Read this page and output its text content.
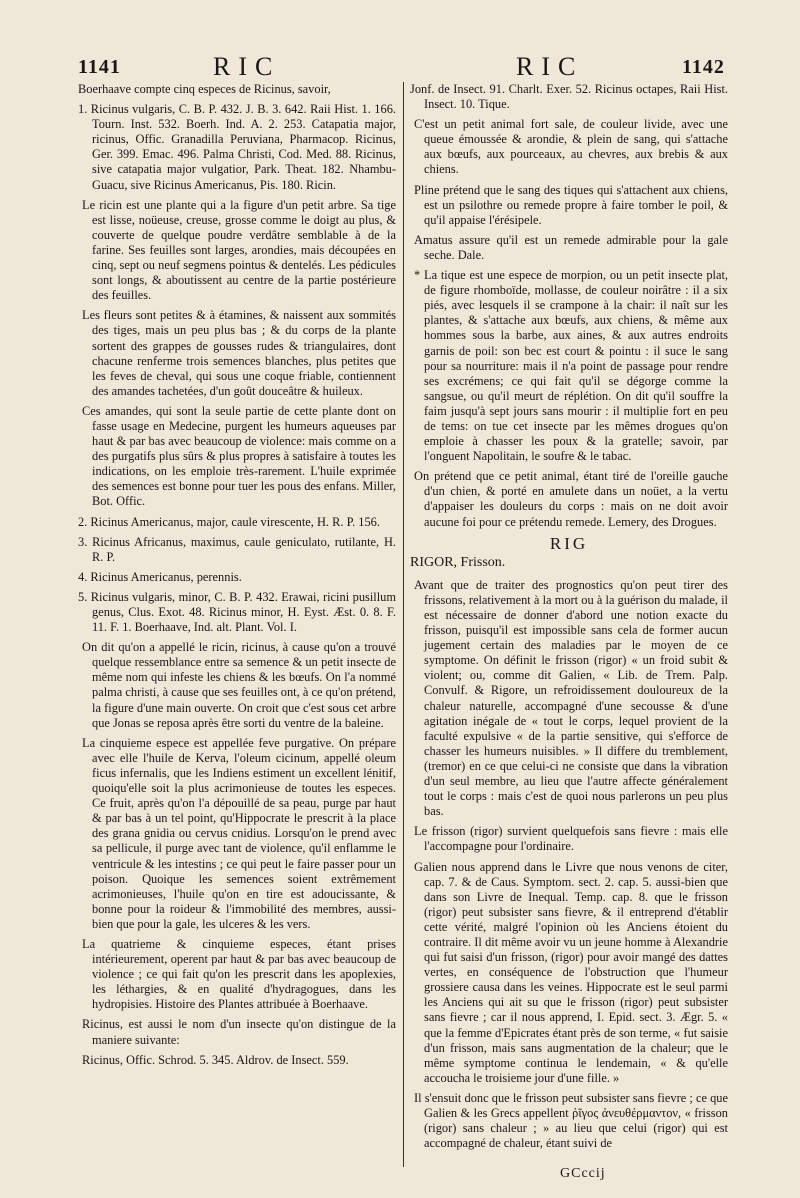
1141	RIC	RIC	1142

Boerhaave compte cinq especes de Ricinus, savoir,

1. Ricinus vulgaris, C. B. P. 432. J. B. 3. 642. Raii Hist. 1. 166. Tourn. Inst. 532. Boerh. Ind. A. 2. 253. Catapatia major, ricinus, Offic. Granadilla Peruviana, Pharmacop. Ricinus, Ger. 399. Emac. 496. Palma Christi, Cod. Med. 88. Ricinus, sive catapatia major vulgatior, Park. Theat. 182. Nhambu-Guacu, sive Ricinus Americanus, Pis. 180. Ricin.

Le ricin est une plante qui a la figure d'un petit arbre. Sa tige est lisse, noüeuse, creuse, grosse comme le doigt au plus, & couverte de quelque poudre verdâtre semblable à de la farine. Ses feuilles sont larges, arondies, mais découpées en cinq, sept ou neuf segmens pointus & dentelés. Les pédicules sont longs, & aboutissent au centre de la partie postérieure des feuilles.

Les fleurs sont petites & à étamines, & naissent aux sommités des tiges, mais un peu plus bas ; & du corps de la plante sortent des grappes de gousses rudes & triangulaires, dont chacune renferme trois semences blanches, plus petites que les feves de cheval, qui sous une coque friable, contiennent des amandes tachetées, d'un goût douceâtre & huileux.

Ces amandes, qui sont la seule partie de cette plante dont on fasse usage en Medecine, purgent les humeurs aqueuses par haut & par bas avec beaucoup de violence: mais comme on a des purgatifs plus sûrs & plus propres à satisfaire à toutes les indications, on les emploie très-rarement. L'huile exprimée des semences est bonne pour tuer les pous des enfans. Miller, Bot. Offic.

2. Ricinus Americanus, major, caule virescente, H. R. P. 156.

3. Ricinus Africanus, maximus, caule geniculato, rutilante, H. R. P.

4. Ricinus Americanus, perennis.

5. Ricinus vulgaris, minor, C. B. P. 432. Erawai, ricini pusillum genus, Clus. Exot. 48. Ricinus minor, H. Eyst. Æst. 0. 8. F. 11. F. 1. Boerhaave, Ind. alt. Plant. Vol. I.

On dit qu'on a appellé le ricin, ricinus, à cause qu'on a trouvé quelque ressemblance entre sa semence & un petit insecte de même nom qui infeste les chiens & les bœufs. On l'a nommé palma christi, à cause que ses feuilles ont, à ce qu'on prétend, la figure d'une main ouverte. On croit que c'est sous cet arbre que Jonas se reposa après être sorti du ventre de la baleine.

La cinquieme espece est appellée feve purgative. On prépare avec elle l'huile de Kerva, l'oleum cicinum, appellé oleum ficus infernalis, que les Indiens estiment un excellent lénitif, quoiqu'elle soit la plus acrimonieuse de toutes les especes. Ce fruit, après qu'on l'a dépouillé de sa peau, purge par haut & par bas à un tel point, qu'Hippocrate le prescrit à la place des grana gnidia ou cervus cnidius. Lorsqu'on le prend avec sa pellicule, il purge avec tant de violence, qu'il enflamme le ventricule & les intestins ; ce qui peut le faire passer pour un poison. Quoique les semences soient extrêmement acrimonieuses, l'huile qu'on en tire est adoucissante, & bonne pour la roideur & l'immobilité des membres, aussi-bien que pour la gale, les ulceres & les vers.

La quatrieme & cinquieme especes, étant prises intérieurement, operent par haut & par bas avec beaucoup de violence ; ce qui fait qu'on les prescrit dans les apoplexies, les léthargies, & en qualité d'hydragogues, dans les hydropisies. Histoire des Plantes attribuée à Boerhaave.

Ricinus, est aussi le nom d'un insecte qu'on distingue de la maniere suivante:

Ricinus, Offic. Schrod. 5. 345. Aldrov. de Insect. 559.

Jonf. de Insect. 91. Charlt. Exer. 52. Ricinus octapes, Raii Hist. Insect. 10. Tique.

C'est un petit animal fort sale, de couleur livide, avec une queue émoussée & arondie, & plein de sang, qui s'attache aux bœufs, aux pourceaux, au chevres, aux brebis & aux chiens.

Pline prétend que le sang des tiques qui s'attachent aux chiens, est un psilothre ou remede propre à faire tomber le poil, & qu'il appaise l'érésipele.

Amatus assure qu'il est un remede admirable pour la gale seche. Dale.

* La tique est une espece de morpion, ou un petit insecte plat, de figure rhomboïde, mollasse, de couleur noirâtre : il a six piés, avec lesquels il se crampone à la chair: il naît sur les plantes, & s'attache aux bœufs, aux chiens, & même aux hommes sous la barbe, aux aines, & aux autres endroits garnis de poil: son bec est court & pointu : il suce le sang pour sa nourriture: mais il n'a point de passage pour rendre ses excrémens; ce qui fait qu'il se dégorge comme la sangsue, ou qu'il meurt de réplétion. On dit qu'il souffre la faim jusqu'à sept jours sans mourir : il multiplie fort en peu de tems: on tue cet insecte par les mêmes drogues qu'on emploie à chasser les poux & la gratelle; savoir, par l'onguent Napolitain, le soufre & le tabac.

On prétend que ce petit animal, étant tiré de l'oreille gauche d'un chien, & porté en amulete dans un noüet, a la vertu d'appaiser les douleurs du corps : mais on ne doit avoir aucune foi pour ce prétendu remede. Lemery, des Drogues.

RIG
RIGOR, Frisson.

Avant que de traiter des prognostics qu'on peut tirer des frissons, relativement à la mort ou à la guérison du malade, il est nécessaire de donner d'abord une notion exacte du frisson, puisqu'il est impossible sans cela de former aucun jugement certain des maladies par le moyen de ce symptome. On définit le frisson (rigor) « un froid subit & violent; ou, comme dit Galien, « Lib. de Trem. Palp. Convulf. & Rigore, un refroidissement douloureux de la chaleur naturelle, accompagné d'une secousse & d'une agitation inégale de « tout le corps, lequel provient de la faculté expulsive « de la partie sensitive, qui s'efforce de chasser les humeurs nuisibles. » Il differe du tremblement, (tremor) en ce que celui-ci ne consiste que dans la vibration d'un seul membre, au lieu que l'autre affecte généralement tout le corps : mais c'est de quoi nous parlerons un peu plus bas.

Le frisson (rigor) survient quelquefois sans fievre : mais elle l'accompagne pour l'ordinaire.

Galien nous apprend dans le Livre que nous venons de citer, cap. 7. & de Caus. Symptom. sect. 2. cap. 5. aussi-bien que dans son Livre de Inequal. Temp. cap. 8. que le frisson (rigor) peut subsister sans fievre, & il entreprend d'établir cette vérité, malgré l'opinion où les Anciens étoient du contraire. Il dit même avoir vu un jeune homme à Alexandrie qui fut saisi d'un frisson, (rigor) pour avoir mangé des dattes vertes, en conséquence de l'obstruction que l'humeur grossiere causa dans les veines. Hippocrate est le seul parmi les Anciens qui ait su que le frisson (rigor) peut subsister sans fievre ; car il nous apprend, I. Epid. sect. 3. Ægr. 5. « que la femme d'Epicrates étant près de son terme, « fut saisie d'un frisson, mais sans augmentation de la chaleur; que le même symptome continua le lendemain, « & qu'elle accoucha le troisieme jour d'une fille. »

Il s'ensuit donc que le frisson peut subsister sans fievre ; ce que Galien & les Grecs appellent ῥῖγος ἀνευθέρμαντον, « frisson (rigor) sans chaleur ; » au lieu que celui (rigor) qui est accompagné de chaleur, étant suivi de

GCccij
